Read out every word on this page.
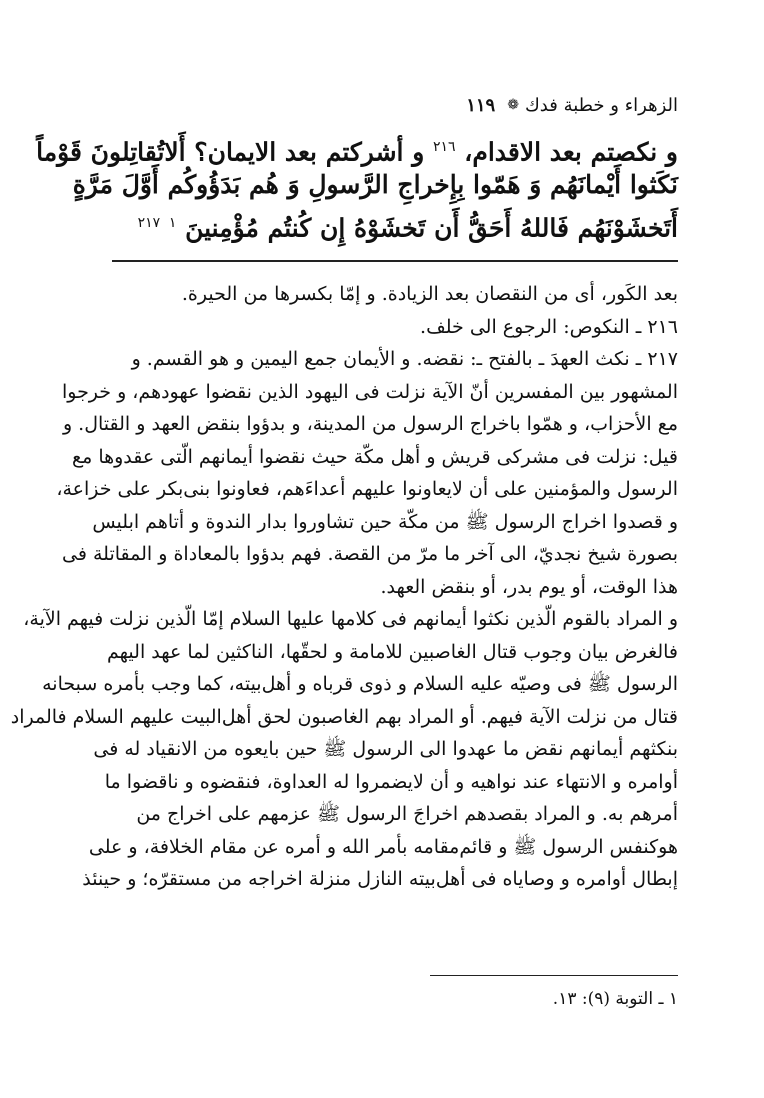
الزهراء و خطبة فدك
❁
١١٩
و نكصتم بعد الاقدام، $^{٢١٦}$ و أشركتم بعد الايمان؟ أَلاتُقاتِلونَ قَوْماً
نَكَثوا أَيْمانَهُم وَ هَمّوا بِإِخراجِ الرَّسولِ وَ هُم بَدَؤُوكُم أَوَّلَ مَرَّةٍ
أَتَخشَوْنَهُم فَاللهُ أَحَقُّ أَن تَخشَوْهُ إِن كُنتُم مُؤْمِنينَ $^١$ $^{٢١٧}$
بعد الكَور، أى من النقصان بعد الزيادة. و إمّا بكسرها من الحيرة.
٢١٦ ـ النكوص: الرجوع الى خلف.
٢١٧ ـ نكث العهدَ ـ بالفتح ـ: نقضه. و الأيمان جمع اليمين و هو القسم. و
المشهور بين المفسرين أنّ الآية نزلت فى اليهود الذين نقضوا عهودهم، و خرجوا
مع الأحزاب، و همّوا باخراج الرسول من المدينة، و بدؤوا بنقض العهد و القتال. و
قيل: نزلت فى مشركى قريش و أهل مكّة حيث نقضوا أيمانهم الّتى عقدوها مع
الرسول والمؤمنين على أن لايعاونوا عليهم أعداءَهم، فعاونوا بنى‌بكر على خزاعة،
و قصدوا اخراج الرسول ﷺ من مكّة حين تشاوروا بدار الندوة و أتاهم ابليس
بصورة شيخ نجديّ، الى آخر ما مرّ من القصة. فهم بدؤوا بالمعاداة و المقاتلة فى
هذا الوقت، أو يوم بدر، أو بنقض العهد.
و المراد بالقوم الّذين نكثوا أيمانهم فى كلامها عليها السلام إمّا الّذين نزلت فيهم الآية،
فالغرض بيان وجوب قتال الغاصبين للامامة و لحقّها، الناكثين لما عهد اليهم
الرسول ﷺ فى وصيّه عليه السلام و ذوى قرباه و أهل‌بيته، كما وجب بأمره سبحانه
قتال من نزلت الآية فيهم. أو المراد بهم الغاصبون لحق أهل‌البيت عليهم السلام فالمراد
بنكثهم أيمانهم نقض ما عهدوا الى الرسول ﷺ حين بايعوه من الانقياد له فى
أوامره و الانتهاء عند نواهيه و أن لايضمروا له العداوة، فنقضوه و ناقضوا ما
أمرهم به. و المراد بقصدهم اخراجَ الرسول ﷺ عزمهم على اخراج من
هوكنفس الرسول ﷺ و قائم‌مقامه بأمر الله و أمره عن مقام الخلافة، و على
إبطال أوامره و وصاياه فى أهل‌بيته النازل منزلة اخراجه من مستقرّه؛ و حينئذ
١ ـ التوبة (٩): ١٣.
